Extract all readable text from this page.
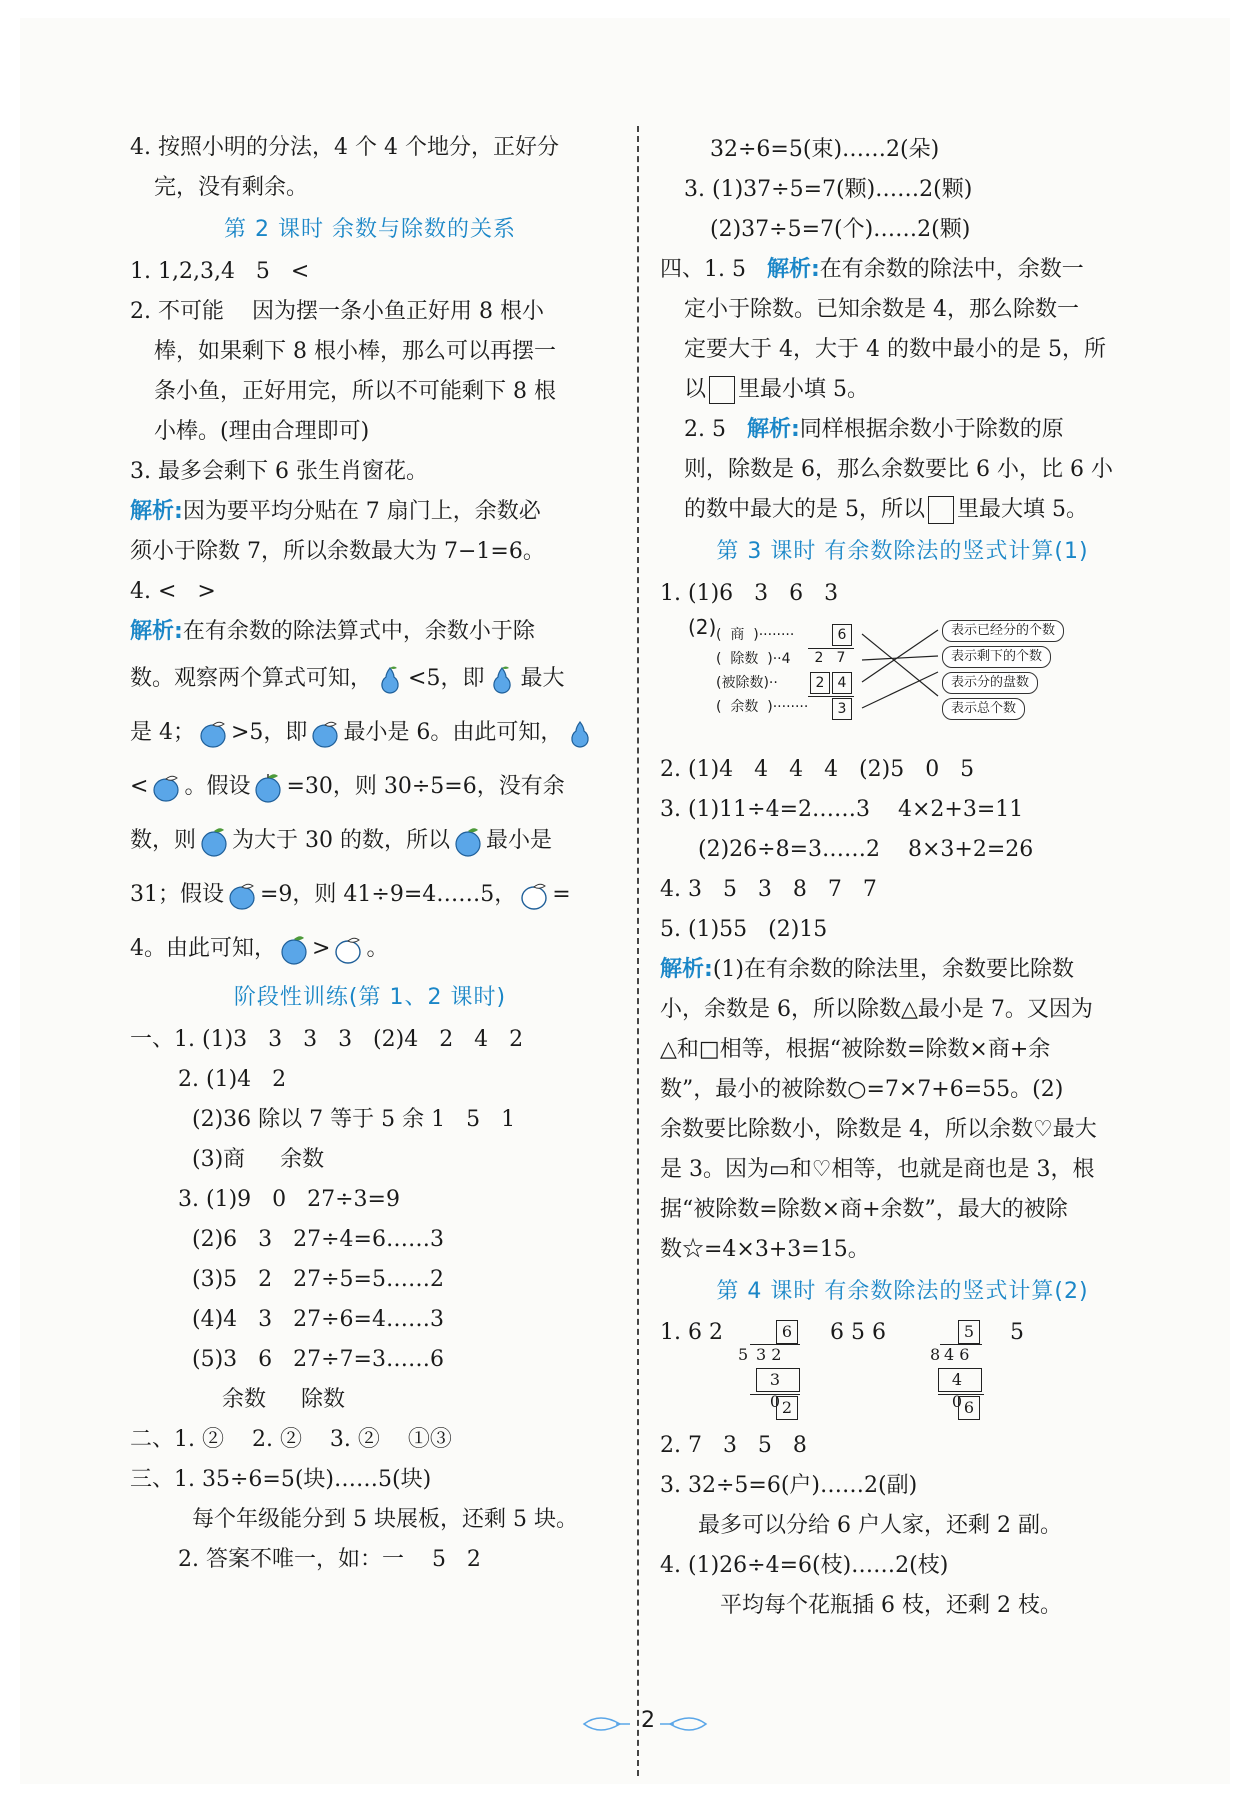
4. 按照小明的分法，4 个 4 个地分，正好分
完，没有剩余。
第 2 课时 余数与除数的关系
1. 1,2,3,4   5   <
2. 不可能    因为摆一条小鱼正好用 8 根小
棒，如果剩下 8 根小棒，那么可以再摆一
条小鱼，正好用完，所以不可能剩下 8 根
小棒。(理由合理即可)
3. 最多会剩下 6 张生肖窗花。
解析:因为要平均分贴在 7 扇门上，余数必
须小于除数 7，所以余数最大为 7−1=6。
4. <   >
解析:在有余数的除法算式中，余数小于除
数。观察两个算式可知， <5，即 最大
是 4； >5，即 最小是 6。由此可知，
< 。假设 =30，则 30÷5=6，没有余
数，则 为大于 30 的数，所以 最小是
31；假设 =9，则 41÷9=4……5， =
4。由此可知， > 。
阶段性训练(第 1、2 课时)
一、1. (1)3   3   3   3   (2)4   2   4   2
2. (1)4   2
(2)36 除以 7 等于 5 余 1   5   1
(3)商     余数
3. (1)9   0   27÷3=9
(2)6   3   27÷4=6……3
(3)5   2   27÷5=5……2
(4)4   3   27÷6=4……3
(5)3   6   27÷7=3……6
余数     除数
二、1. ②    2. ②    3. ②    ①③
三、1. 35÷6=5(块)……5(块)
每个年级能分到 5 块展板，还剩 5 块。
2. 答案不唯一，如：一    5   2
32÷6=5(束)……2(朵)
3. (1)37÷5=7(颗)……2(颗)
(2)37÷5=7(个)……2(颗)
四、1. 5 解析:在有余数的除法中，余数一
定小于除数。已知余数是 4，那么除数一
定要大于 4，大于 4 的数中最小的是 5，所
以 里最小填 5。
2. 5 解析:同样根据余数小于除数的原
则，除数是 6，那么余数要比 6 小，比 6 小
的数中最大的是 5，所以 里最大填 5。
第 3 课时 有余数除法的竖式计算(1)
1. (1)6   3   6   3
(2) (  商  )········
(  除数  )··4
(被除数)··
(  余数  )········
6
2 7
2 4
3
表示已经分的个数
表示剩下的个数
表示分的盘数
表示总个数
2. (1)4   4   4   4   (2)5   0   5
3. (1)11÷4=2……3    4×2+3=11
(2)26÷8=3……2    8×3+2=26
4. 3   5   3   8   7   7
5. (1)55   (2)15
解析:(1)在有余数的除法里，余数要比除数
小，余数是 6，所以除数△最小是 7。又因为
△和□相等，根据“被除数=除数×商+余
数”，最小的被除数○=7×7+6=55。(2)
余数要比除数小，除数是 4，所以余数♡最大
是 3。因为▭和♡相等，也就是商也是 3，根
据“被除数=除数×商+余数”，最大的被除
数☆=4×3+3=15。
第 4 课时 有余数除法的竖式计算(2)
1. 6 2	6
5 3 2
3 0
2
6 5 6	5
8 4 6
4 0
6
5
2. 7   3   5   8
3. 32÷5=6(户)……2(副)
最多可以分给 6 户人家，还剩 2 副。
4. (1)26÷4=6(枝)……2(枝)
平均每个花瓶插 6 枝，还剩 2 枝。
2
